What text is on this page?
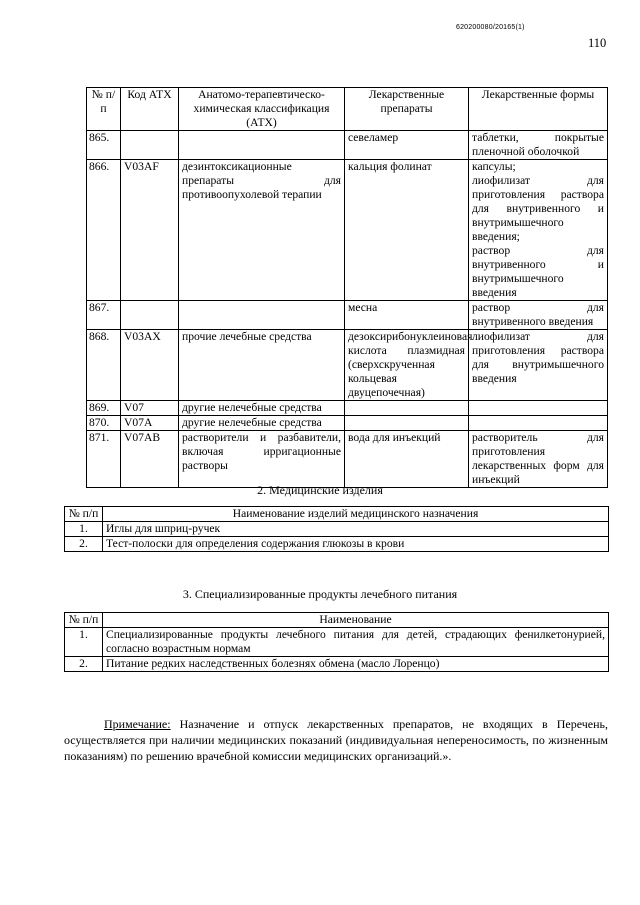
620200080/20165(1)
110
№ п/п	Код АТХ	Анатомо-терапевтическо-химическая классификация (АТХ)	Лекарственные препараты	Лекарственные формы
865.			севеламер	таблетки, покрытые пленочной оболочкой
866.	V03AF	дезинтоксикационные препараты для противоопухолевой терапии	кальция фолинат	капсулы;
лиофилизат для приготовления раствора для внутривенного и внутримышечного введения;
раствор для внутривенного и внутримышечного введения
867.			месна	раствор для внутривенного введения
868.	V03AX	прочие лечебные средства	дезоксирибонуклеиновая кислота плазмидная (сверхскрученная кольцевая двуцепочечная)	лиофилизат для приготовления раствора для внутримышечного введения
869.	V07	другие нелечебные средства		
870.	V07A	другие нелечебные средства		
871.	V07AB	растворители и разбавители, включая ирригационные растворы	вода для инъекций	растворитель для приготовления лекарственных форм для инъекций
2. Медицинские изделия
№ п/п	Наименование изделий медицинского назначения
1.	Иглы для шприц-ручек
2.	Тест-полоски для определения содержания глюкозы в крови
3. Специализированные продукты лечебного питания
№ п/п	Наименование
1.	Специализированные продукты лечебного питания для детей, страдающих фенилкетонурией, согласно возрастным нормам
2.	Питание редких наследственных болезнях обмена (масло Лоренцо)
Примечание: Назначение и отпуск лекарственных препаратов, не входящих в Перечень, осуществляется при наличии медицинских показаний (индивидуальная непереносимость, по жизненным показаниям) по решению врачебной комиссии медицинских организаций.».
